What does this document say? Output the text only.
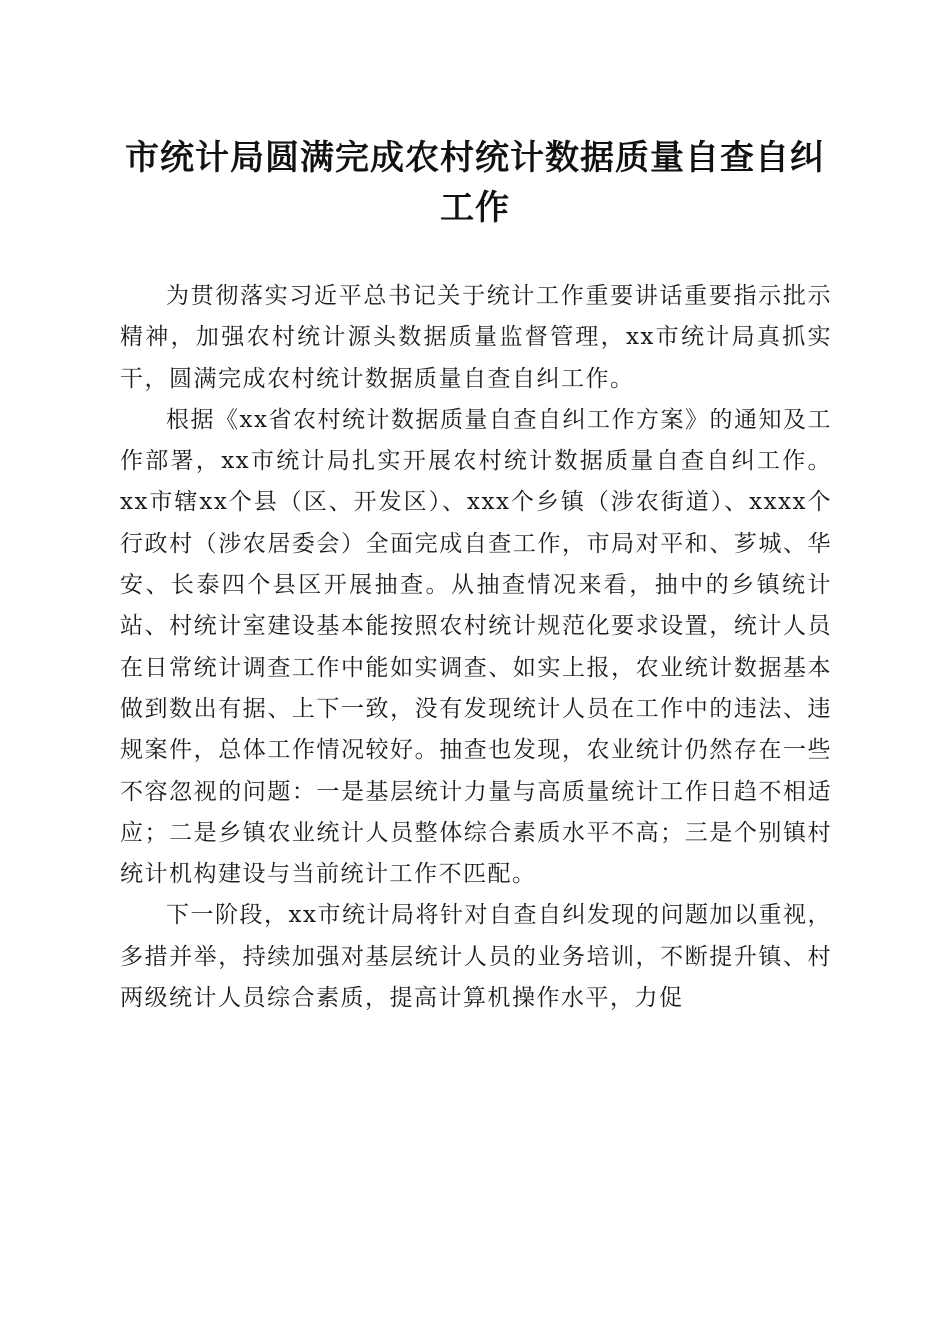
市统计局圆满完成农村统计数据质量自查自纠工作

为贯彻落实习近平总书记关于统计工作重要讲话重要指示批示精神，加强农村统计源头数据质量监督管理，xx市统计局真抓实干，圆满完成农村统计数据质量自查自纠工作。

根据《xx省农村统计数据质量自查自纠工作方案》的通知及工作部署，xx市统计局扎实开展农村统计数据质量自查自纠工作。xx市辖xx个县（区、开发区）、xxx个乡镇（涉农街道）、xxxx个行政村（涉农居委会）全面完成自查工作，市局对平和、芗城、华安、长泰四个县区开展抽查。从抽查情况来看，抽中的乡镇统计站、村统计室建设基本能按照农村统计规范化要求设置，统计人员在日常统计调查工作中能如实调查、如实上报，农业统计数据基本做到数出有据、上下一致，没有发现统计人员在工作中的违法、违规案件，总体工作情况较好。抽查也发现，农业统计仍然存在一些不容忽视的问题：一是基层统计力量与高质量统计工作日趋不相适应；二是乡镇农业统计人员整体综合素质水平不高；三是个别镇村统计机构建设与当前统计工作不匹配。

下一阶段，xx市统计局将针对自查自纠发现的问题加以重视，多措并举，持续加强对基层统计人员的业务培训，不断提升镇、村两级统计人员综合素质，提高计算机操作水平，力促
